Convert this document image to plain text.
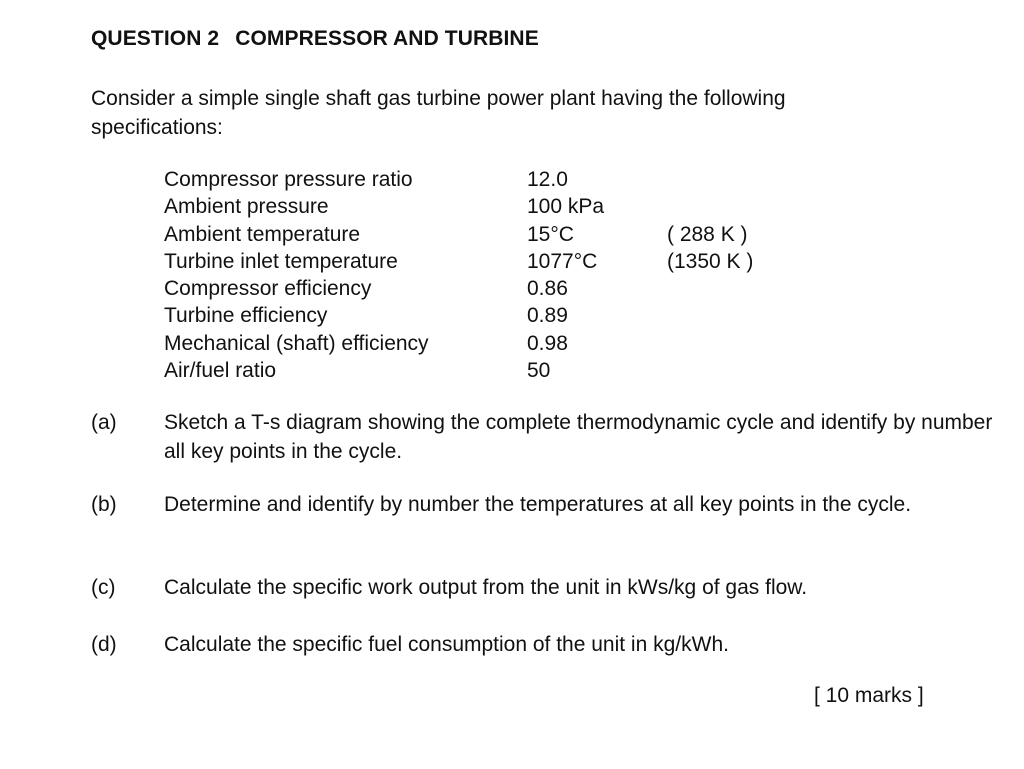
QUESTION 2 COMPRESSOR AND TURBINE
Consider a simple single shaft gas turbine power plant having the following specifications:
Compressor pressure ratio	12.0
Ambient pressure	100 kPa
Ambient temperature	15°C	( 288 K )
Turbine inlet temperature	1077°C	(1350 K )
Compressor efficiency	0.86
Turbine efficiency	0.89
Mechanical (shaft) efficiency	0.98
Air/fuel ratio	50
(a) Sketch a T-s diagram showing the complete thermodynamic cycle and identify by number all key points in the cycle.
(b) Determine and identify by number the temperatures at all key points in the cycle.
(c) Calculate the specific work output from the unit in kWs/kg of gas flow.
(d) Calculate the specific fuel consumption of the unit in kg/kWh.
[ 10 marks ]
